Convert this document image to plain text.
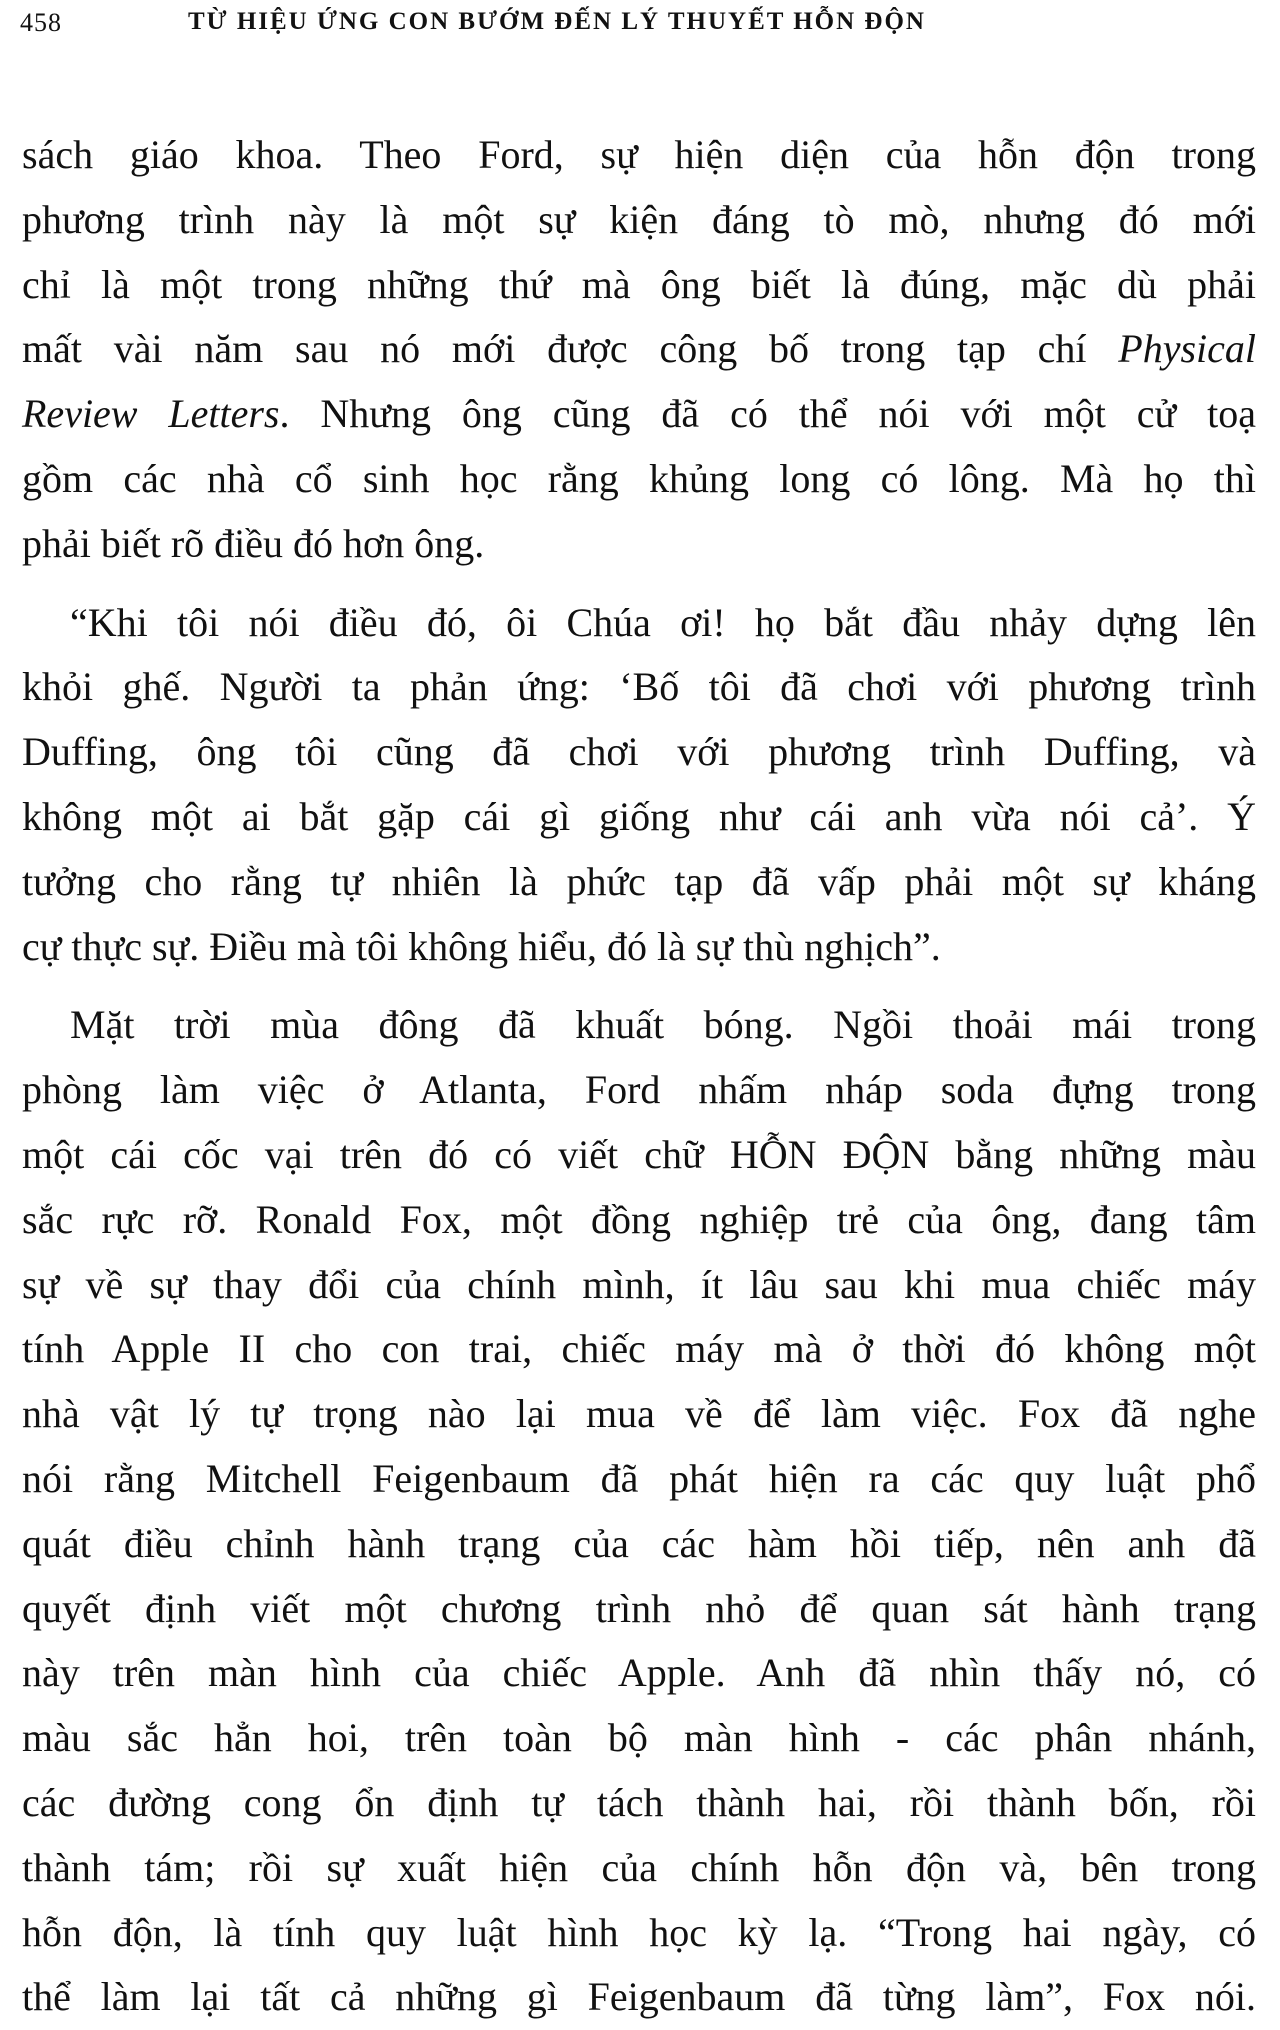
458	TỪ HIỆU ỨNG CON BƯỚM ĐẾN LÝ THUYẾT HỖN ĐỘN
sách giáo khoa. Theo Ford, sự hiện diện của hỗn độn trong
phương trình này là một sự kiện đáng tò mò, nhưng đó mới
chỉ là một trong những thứ mà ông biết là đúng, mặc dù phải
mất vài năm sau nó mới được công bố trong tạp chí Physical
Review Letters. Nhưng ông cũng đã có thể nói với một cử toạ
gồm các nhà cổ sinh học rằng khủng long có lông. Mà họ thì
phải biết rõ điều đó hơn ông.
“Khi tôi nói điều đó, ôi Chúa ơi! họ bắt đầu nhảy dựng lên
khỏi ghế. Người ta phản ứng: ‘Bố tôi đã chơi với phương trình
Duffing, ông tôi cũng đã chơi với phương trình Duffing, và
không một ai bắt gặp cái gì giống như cái anh vừa nói cả’. Ý
tưởng cho rằng tự nhiên là phức tạp đã vấp phải một sự kháng
cự thực sự. Điều mà tôi không hiểu, đó là sự thù nghịch”.
Mặt trời mùa đông đã khuất bóng. Ngồi thoải mái trong
phòng làm việc ở Atlanta, Ford nhấm nháp soda đựng trong
một cái cốc vại trên đó có viết chữ HỖN ĐỘN bằng những màu
sắc rực rỡ. Ronald Fox, một đồng nghiệp trẻ của ông, đang tâm
sự về sự thay đổi của chính mình, ít lâu sau khi mua chiếc máy
tính Apple II cho con trai, chiếc máy mà ở thời đó không một
nhà vật lý tự trọng nào lại mua về để làm việc. Fox đã nghe
nói rằng Mitchell Feigenbaum đã phát hiện ra các quy luật phổ
quát điều chỉnh hành trạng của các hàm hồi tiếp, nên anh đã
quyết định viết một chương trình nhỏ để quan sát hành trạng
này trên màn hình của chiếc Apple. Anh đã nhìn thấy nó, có
màu sắc hẳn hoi, trên toàn bộ màn hình - các phân nhánh,
các đường cong ổn định tự tách thành hai, rồi thành bốn, rồi
thành tám; rồi sự xuất hiện của chính hỗn độn và, bên trong
hỗn độn, là tính quy luật hình học kỳ lạ. “Trong hai ngày, có
thể làm lại tất cả những gì Feigenbaum đã từng làm”, Fox nói.
